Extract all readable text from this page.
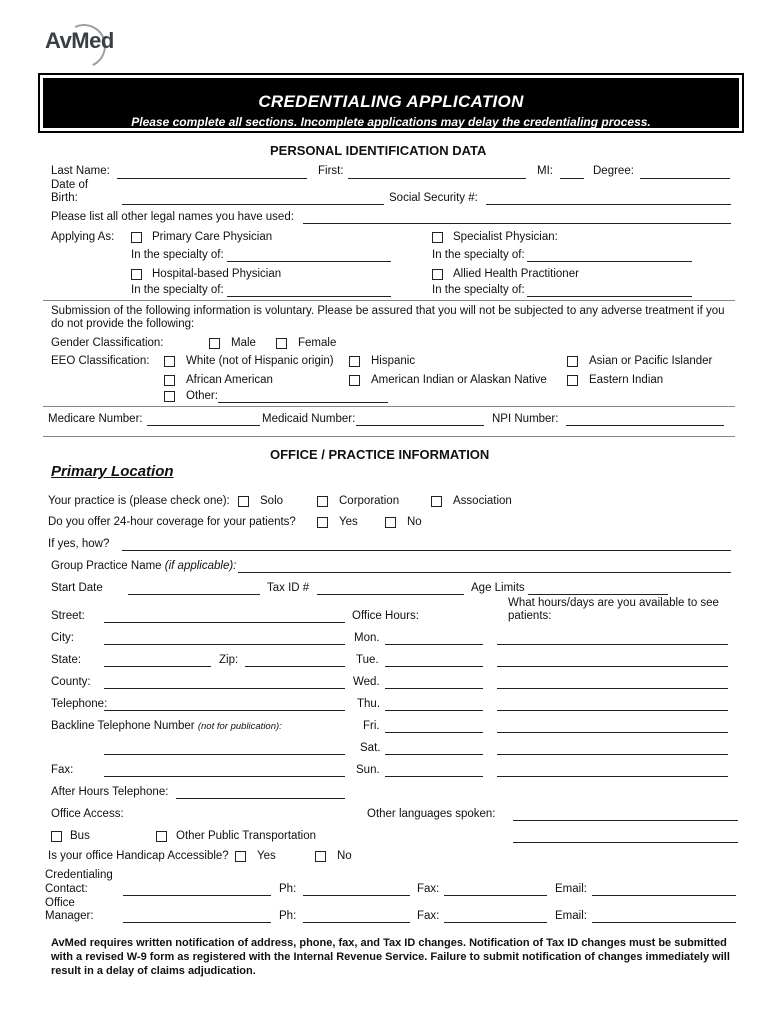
AvMed
CREDENTIALING APPLICATION
Please complete all sections. Incomplete applications may delay the credentialing process.
PERSONAL IDENTIFICATION DATA
Last Name:	First:	MI:	Degree:
Date of
Birth:	Social Security #:
Please list all other legal names you have used:
Applying As:	Primary Care Physician	Specialist Physician:
In the specialty of:	In the specialty of:
Hospital-based Physician	Allied Health Practitioner
In the specialty of:	In the specialty of:
Submission of the following information is voluntary. Please be assured that you will not be subjected to any adverse treatment if you
do not provide the following:
Gender Classification:	Male	Female
EEO Classification:	White (not of Hispanic origin)	Hispanic	Asian or Pacific Islander
African American	American Indian or Alaskan Native	Eastern Indian
Other:
Medicare Number:	Medicaid Number:	NPI Number:
OFFICE / PRACTICE INFORMATION
Primary Location
Your practice is (please check one):	Solo	Corporation	Association
Do you offer 24-hour coverage for your patients?	Yes	No
If yes, how?
Group Practice Name (if applicable):
Start Date	Tax ID #	Age Limits
What hours/days are you available to see
patients:
Street:	Office Hours:
City:	Mon.
State:	Zip:	Tue.
County:	Wed.
Telephone:	Thu.
Backline Telephone Number (not for publication):	Fri.
Sat.
Fax:	Sun.
After Hours Telephone:
Office Access:	Other languages spoken:
Bus	Other Public Transportation
Is your office Handicap Accessible? Yes	No
Credentialing
Contact:	Ph:	Fax:	Email:
Office
Manager:	Ph:	Fax:	Email:
AvMed requires written notification of address, phone, fax, and Tax ID changes. Notification of Tax ID changes must be submitted with a revised W-9 form as registered with the Internal Revenue Service. Failure to submit notification of changes immediately will result in a delay of claims adjudication.
